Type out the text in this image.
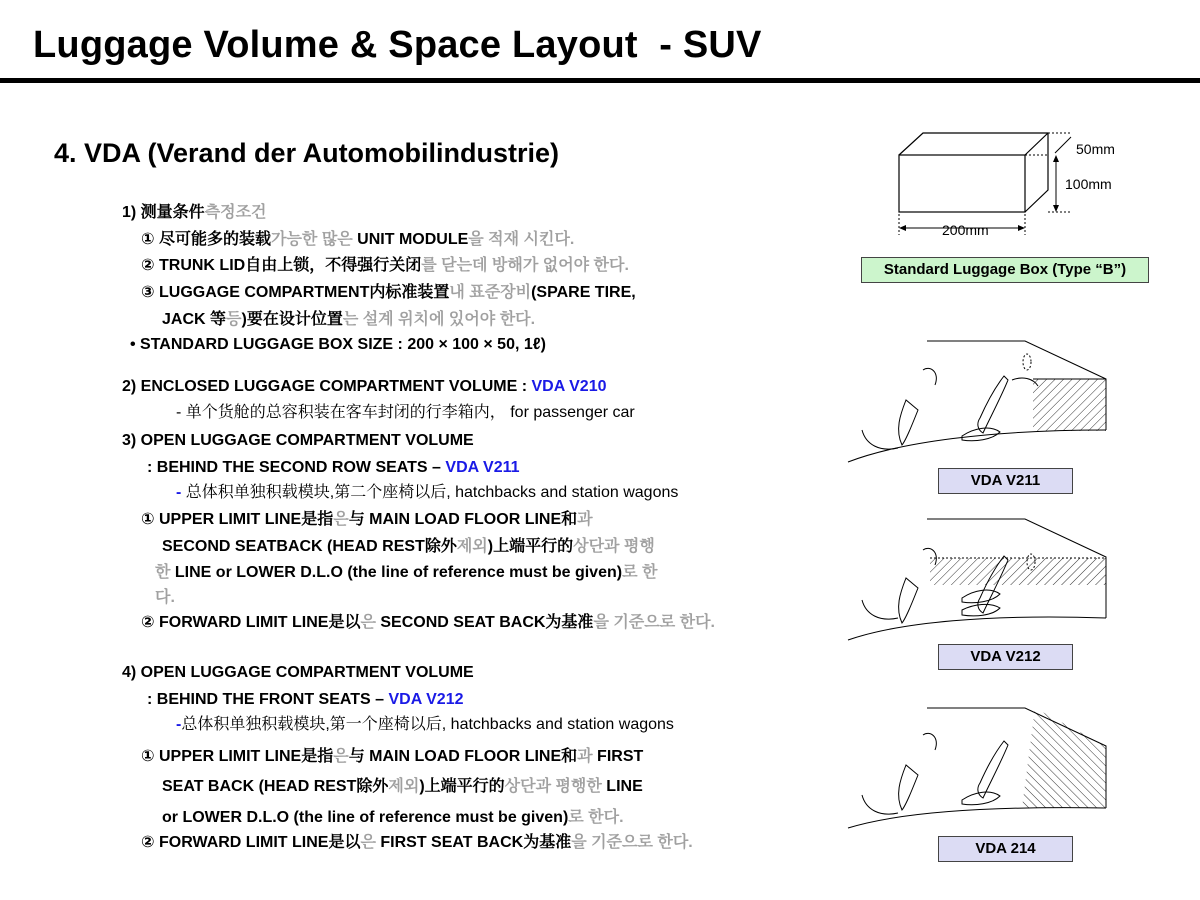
Luggage Volume & Space Layout  - SUV
4. VDA (Verand der Automobilindustrie)
1) 测量条件측정조건
① 尽可能多的装载가능한 많은 UNIT MODULE을 적재 시킨다.
② TRUNK LID自由上锁，不得强行关闭를 닫는데 방해가 없어야 한다.
③ LUGGAGE COMPARTMENT内标准装置내 표준장비(SPARE TIRE,
JACK 等등)要在设计位置는 설계 위치에 있어야 한다.
• STANDARD LUGGAGE BOX SIZE : 200 × 100 × 50, 1ℓ)
2) ENCLOSED LUGGAGE COMPARTMENT VOLUME : VDA V210
- 单个货舱的总容积装在客车封闭的行李箱内， for passenger car
3) OPEN LUGGAGE COMPARTMENT VOLUME
: BEHIND THE SECOND ROW SEATS – VDA V211
- 总体积单独积载模块,第二个座椅以后, hatchbacks and station wagons
① UPPER LIMIT LINE是指은与 MAIN LOAD FLOOR LINE和과
SECOND SEATBACK (HEAD REST除外제외)上端平行的상단과 평행
한 LINE or LOWER D.L.O (the line of reference must be given)로 한
다.
② FORWARD LIMIT LINE是以은 SECOND SEAT BACK为基准을 기준으로 한다.
4) OPEN LUGGAGE COMPARTMENT VOLUME
: BEHIND THE FRONT SEATS – VDA V212
-总体积单独积载模块,第一个座椅以后, hatchbacks and station wagons
① UPPER LIMIT LINE是指은与 MAIN LOAD FLOOR LINE和과 FIRST
SEAT BACK (HEAD REST除外제외)上端平行的상단과 평행한 LINE
or LOWER D.L.O (the line of reference must be given)로 한다.
② FORWARD LIMIT LINE是以은 FIRST SEAT BACK为基准을 기준으로 한다.
50mm
100mm
200mm
Standard Luggage Box (Type “B”)
VDA V211
VDA V212
VDA 214
